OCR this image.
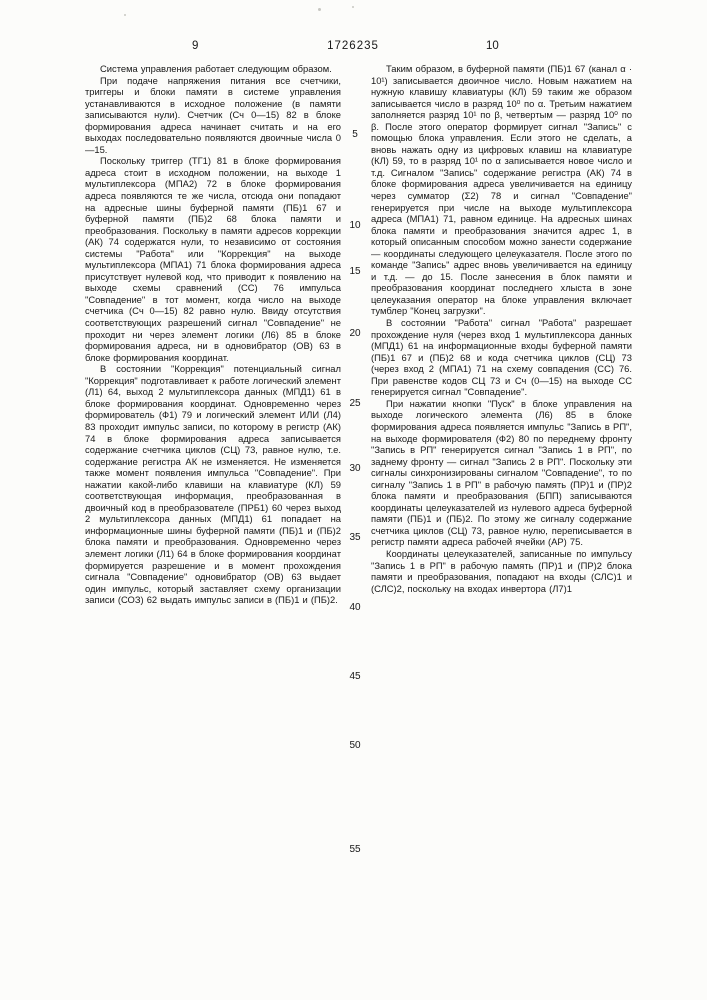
9	1726235	10

Система управления работает следующим образом.

При подаче напряжения питания все счетчики, триггеры и блоки памяти в системе управления устанавливаются в исходное положение (в памяти записываются нули). Счетчик (Сч 0—15) 82 в блоке формирования адреса начинает считать и на его выходах последовательно появляются двоичные числа 0—15.

Поскольку триггер (ТГ1) 81 в блоке формирования адреса стоит в исходном положении, на выходе 1 мультиплексора (МПА2) 72 в блоке формирования адреса появляются те же числа, отсюда они попадают на адресные шины буферной памяти (ПБ)1 67 и буферной памяти (ПБ)2 68 блока памяти и преобразования. Поскольку в памяти адресов коррекции (АК) 74 содержатся нули, то независимо от состояния системы "Работа" или "Коррекция" на выходе мультиплексора (МПА1) 71 блока формирования адреса присутствует нулевой код, что приводит к появлению на выходе схемы сравнений (СС) 76 импульса "Совпадение" в тот момент, когда число на выходе счетчика (Сч 0—15) 82 равно нулю. Ввиду отсутствия соответствующих разрешений сигнал "Совпадение" не проходит ни через элемент логики (Л6) 85 в блоке формирования адреса, ни в одновибратор (ОВ) 63 в блоке формирования координат.

В состоянии "Коррекция" потенциальный сигнал "Коррекция" подготавливает к работе логический элемент (Л1) 64, выход 2 мультиплексора данных (МПД1) 61 в блоке формирования координат. Одновременно через формирователь (Ф1) 79 и логический элемент ИЛИ (Л4) 83 проходит импульс записи, по которому в регистр (АК) 74 в блоке формирования адреса записывается содержание счетчика циклов (СЦ) 73, равное нулю, т.е. содержание регистра АК не изменяется. Не изменяется также момент появления импульса "Совпадение". При нажатии какой-либо клавиши на клавиатуре (КЛ) 59 соответствующая информация, преобразованная в двоичный код в преобразователе (ПРБ1) 60 через выход 2 мультиплексора данных (МПД1) 61 попадает на информационные шины буферной памяти (ПБ)1 и (ПБ)2 блока памяти и преобразования. Одновременно через элемент логики (Л1) 64 в блоке формирования координат формируется разрешение и в момент прохождения сигнала "Совпадение" одновибратор (ОВ) 63 выдает один импульс, который заставляет схему организации записи (СОЗ) 62 выдать импульс записи в (ПБ)1 и (ПБ)2.

5
10
15
20
25
30
35
40
45
50
55

Таким образом, в буферной памяти (ПБ)1 67 (канал α · 10¹) записывается двоичное число. Новым нажатием на нужную клавишу клавиатуры (КЛ) 59 таким же образом записывается число в разряд 10⁰ по α. Третьим нажатием заполняется разряд 10¹ по β, четвертым — разряд 10⁰ по β. После этого оператор формирует сигнал "Запись" с помощью блока управления. Если этого не сделать, а вновь нажать одну из цифровых клавиш на клавиатуре (КЛ) 59, то в разряд 10¹ по α записывается новое число и т.д. Сигналом "Запись" содержание регистра (АК) 74 в блоке формирования адреса увеличивается на единицу через сумматор (Σ2) 78 и сигнал "Совпадение" генерируется при числе на выходе мультиплексора адреса (МПА1) 71, равном единице. На адресных шинах блока памяти и преобразования значится адрес 1, в который описанным способом можно занести содержание — координаты следующего целеуказателя. После этого по команде "Запись" адрес вновь увеличивается на единицу и т.д. — до 15. После занесения в блок памяти и преобразования координат последнего хлыста в зоне целеуказания оператор на блоке управления включает тумблер "Конец загрузки".

В состоянии "Работа" сигнал "Работа" разрешает прохождение нуля (через вход 1 мультиплексора данных (МПД1) 61 на информационные входы буферной памяти (ПБ)1 67 и (ПБ)2 68 и кода счетчика циклов (СЦ) 73 (через вход 2 (МПА1) 71 на схему совпадения (СС) 76. При равенстве кодов СЦ 73 и Сч (0—15) на выходе СС генерируется сигнал "Совпадение".

При нажатии кнопки "Пуск" в блоке управления на выходе логического элемента (Л6) 85 в блоке формирования адреса появляется импульс "Запись в РП", на выходе формирователя (Ф2) 80 по переднему фронту "Запись в РП" генерируется сигнал "Запись 1 в РП", по заднему фронту — сигнал "Запись 2 в РП". Поскольку эти сигналы синхронизированы сигналом "Совпадение", то по сигналу "Запись 1 в РП" в рабочую память (ПР)1 и (ПР)2 блока памяти и преобразования (БПП) записываются координаты целеуказателей из нулевого адреса буферной памяти (ПБ)1 и (ПБ)2. По этому же сигналу содержание счетчика циклов (СЦ) 73, равное нулю, переписывается в регистр памяти адреса рабочей ячейки (АР) 75.

Координаты целеуказателей, записанные по импульсу "Запись 1 в РП" в рабочую память (ПР)1 и (ПР)2 блока памяти и преобразования, попадают на входы (СЛС)1 и (СЛС)2, поскольку на входах инвертора (Л7)1
